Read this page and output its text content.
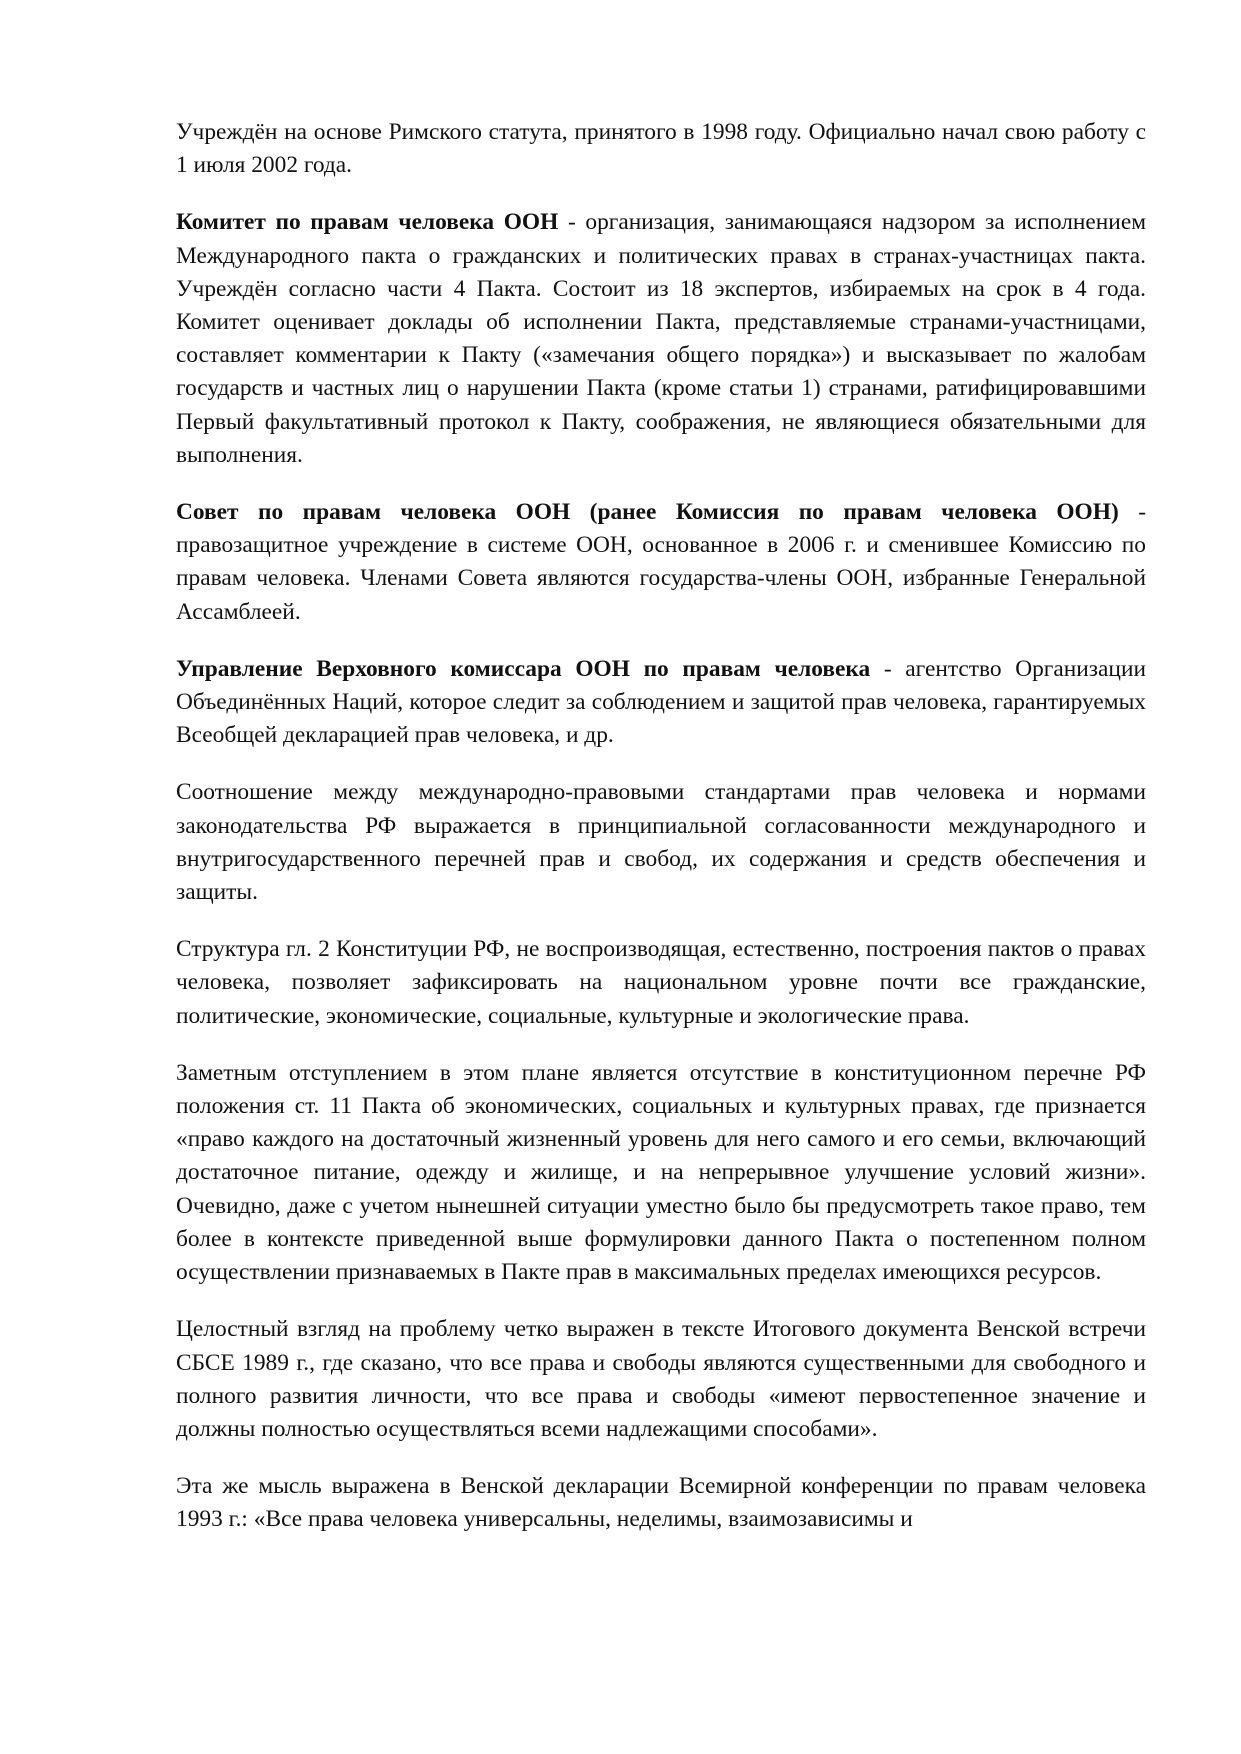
Учреждён на основе Римского статута, принятого в 1998 году. Официально начал свою работу с 1 июля 2002 года.

Комитет по правам человека ООН - организация, занимающаяся надзором за исполнением Международного пакта о гражданских и политических правах в странах-участницах пакта. Учреждён согласно части 4 Пакта. Состоит из 18 экспертов, избираемых на срок в 4 года. Комитет оценивает доклады об исполнении Пакта, представляемые странами-участницами, составляет комментарии к Пакту («замечания общего порядка») и высказывает по жалобам государств и частных лиц о нарушении Пакта (кроме статьи 1) странами, ратифицировавшими Первый факультативный протокол к Пакту, соображения, не являющиеся обязательными для выполнения.

Совет по правам человека ООН (ранее Комиссия по правам человека ООН) - правозащитное учреждение в системе ООН, основанное в 2006 г. и сменившее Комиссию по правам человека. Членами Совета являются государства-члены ООН, избранные Генеральной Ассамблеей.

Управление Верховного комиссара ООН по правам человека - агентство Организации Объединённых Наций, которое следит за соблюдением и защитой прав человека, гарантируемых Всеобщей декларацией прав человека, и др.

Соотношение между международно-правовыми стандартами прав человека и нормами законодательства РФ выражается в принципиальной согласованности международного и внутригосударственного перечней прав и свобод, их содержания и средств обеспечения и защиты.

Структура гл. 2 Конституции РФ, не воспроизводящая, естественно, построения пактов о правах человека, позволяет зафиксировать на национальном уровне почти все гражданские, политические, экономические, социальные, культурные и экологические права.

Заметным отступлением в этом плане является отсутствие в конституционном перечне РФ положения ст. 11 Пакта об экономических, социальных и культурных правах, где признается «право каждого на достаточный жизненный уровень для него самого и его семьи, включающий достаточное питание, одежду и жилище, и на непрерывное улучшение условий жизни». Очевидно, даже с учетом нынешней ситуации уместно было бы предусмотреть такое право, тем более в контексте приведенной выше формулировки данного Пакта о постепенном полном осуществлении признаваемых в Пакте прав в максимальных пределах имеющихся ресурсов.

Целостный взгляд на проблему четко выражен в тексте Итогового документа Венской встречи СБСЕ 1989 г., где сказано, что все права и свободы являются существенными для свободного и полного развития личности, что все права и свободы «имеют первостепенное значение и должны полностью осуществляться всеми надлежащими способами».

Эта же мысль выражена в Венской декларации Всемирной конференции по правам человека 1993 г.: «Все права человека универсальны, неделимы, взаимозависимы и
